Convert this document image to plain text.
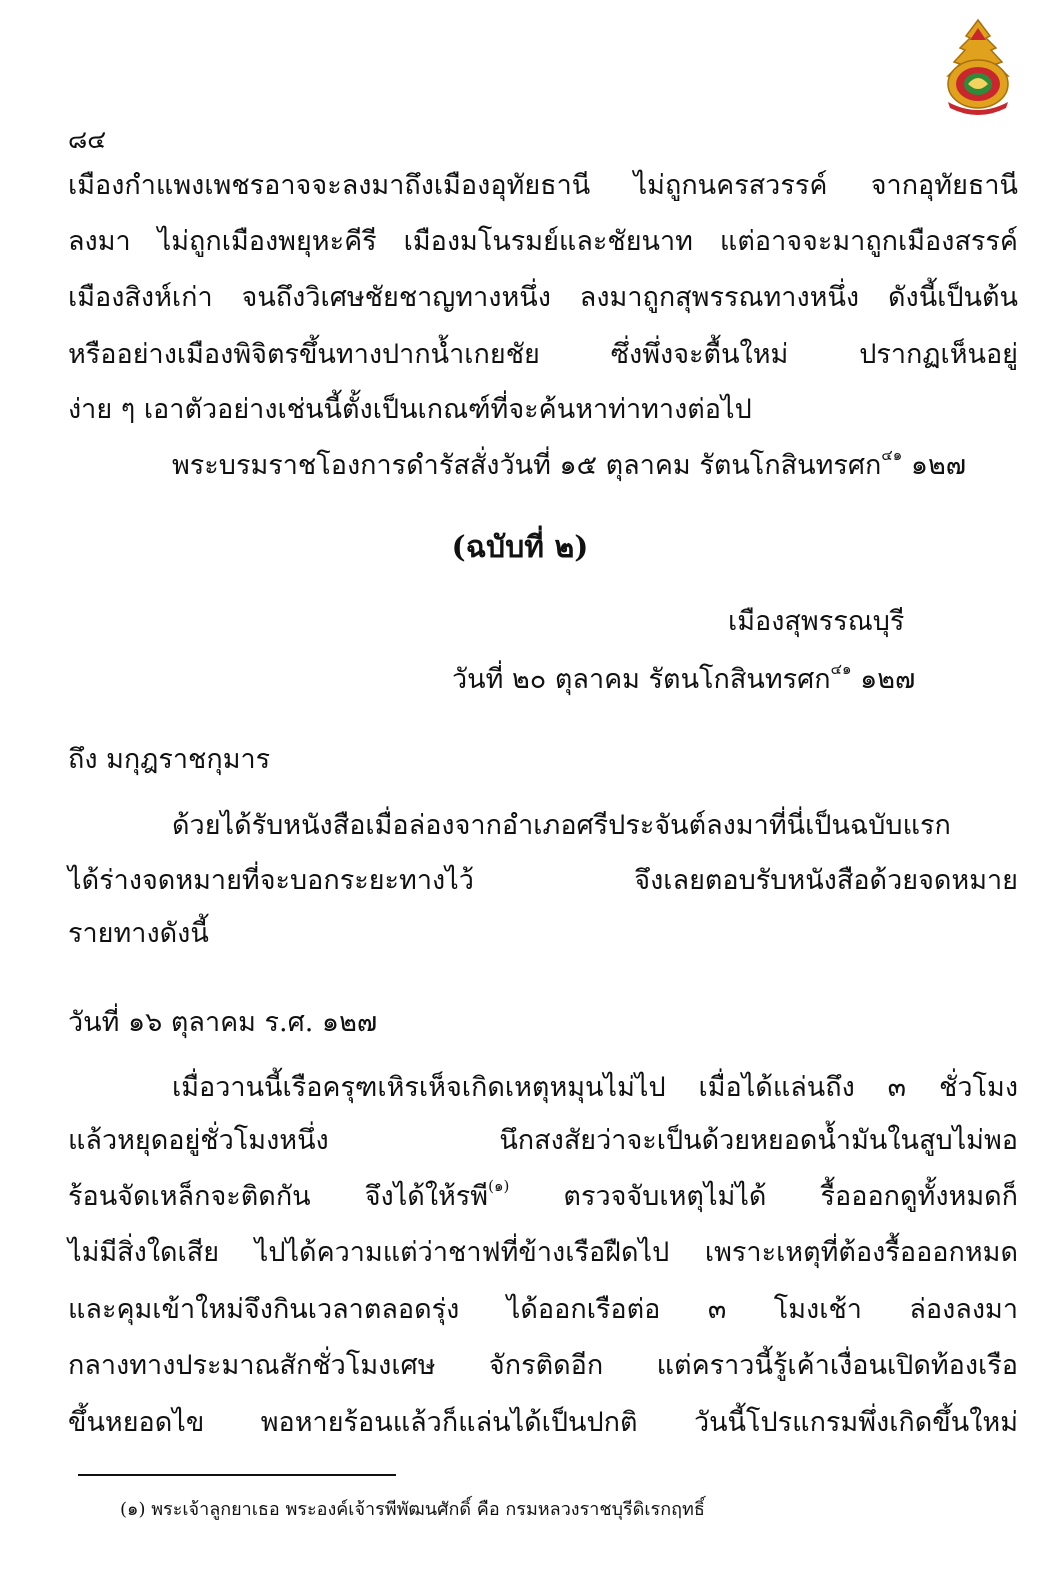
๘๔
เมืองกำแพงเพชรอาจจะลงมาถึงเมืองอุทัยธานี ไม่ถูกนครสวรรค์ จากอุทัยธานี
ลงมา ไม่ถูกเมืองพยุหะคีรี เมืองมโนรมย์และชัยนาท แต่อาจจะมาถูกเมืองสรรค์
เมืองสิงห์เก่า จนถึงวิเศษชัยชาญทางหนึ่ง ลงมาถูกสุพรรณทางหนึ่ง ดังนี้เป็นต้น
หรืออย่างเมืองพิจิตรขึ้นทางปากน้ำเกยชัย ซึ่งพึ่งจะตื้นใหม่ ปรากฏเห็นอยู่
ง่าย ๆ เอาตัวอย่างเช่นนี้ตั้งเป็นเกณฑ์ที่จะค้นหาท่าทางต่อไป
พระบรมราชโองการดำรัสสั่งวันที่ ๑๕ ตุลาคม รัตนโกสินทรศก$^{๔๑}$ ๑๒๗
(ฉบับที่ ๒)
เมืองสุพรรณบุรี
วันที่ ๒๐ ตุลาคม รัตนโกสินทรศก$^{๔๑}$ ๑๒๗
ถึง มกุฎราชกุมาร
ด้วยได้รับหนังสือเมื่อล่องจากอำเภอศรีประจันต์ลงมาที่นี่เป็นฉบับแรก
ได้ร่างจดหมายที่จะบอกระยะทางไว้ จึงเลยตอบรับหนังสือด้วยจดหมาย
รายทางดังนี้
วันที่ ๑๖ ตุลาคม ร.ศ. ๑๒๗
เมื่อวานนี้เรือครุฑเหิรเห็จเกิดเหตุหมุนไม่ไป เมื่อได้แล่นถึง ๓ ชั่วโมง
แล้วหยุดอยู่ชั่วโมงหนึ่ง นึกสงสัยว่าจะเป็นด้วยหยอดน้ำมันในสูบไม่พอ
ร้อนจัดเหล็กจะติดกัน จึงได้ให้รพี$^{(๑)}$ ตรวจจับเหตุไม่ได้ รื้อออกดูทั้งหมดก็
ไม่มีสิ่งใดเสีย ไปได้ความแต่ว่าชาฟที่ข้างเรือฝืดไป เพราะเหตุที่ต้องรื้อออกหมด
และคุมเข้าใหม่จึงกินเวลาตลอดรุ่ง ได้ออกเรือต่อ ๓ โมงเช้า ล่องลงมา
กลางทางประมาณสักชั่วโมงเศษ จักรติดอีก แต่คราวนี้รู้เค้าเงื่อนเปิดท้องเรือ
ขึ้นหยอดไข พอหายร้อนแล้วก็แล่นได้เป็นปกติ วันนี้โปรแกรมพึ่งเกิดขึ้นใหม่
(๑) พระเจ้าลูกยาเธอ พระองค์เจ้ารพีพัฒนศักดิ์ คือ กรมหลวงราชบุรีดิเรกฤทธิ์
